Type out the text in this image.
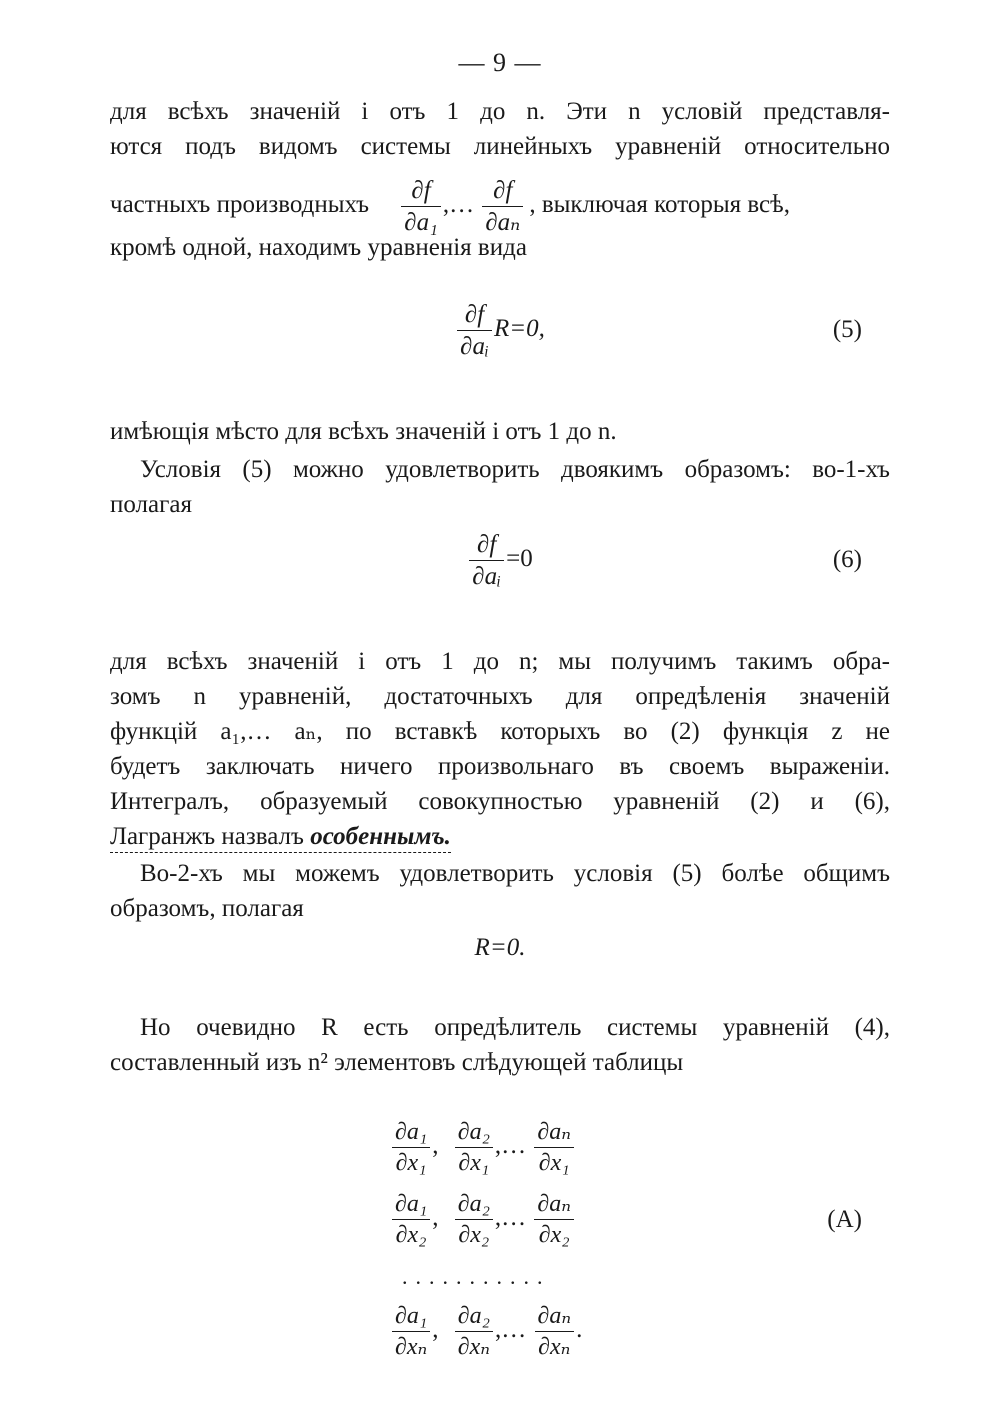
— 9 —
для всѣхъ значеній i отъ 1 до n. Эти n условій представля-
ются подъ видомъ системы линейныхъ уравненій относительно
частныхъ производныхъ $\frac{\partial f}{\text{∂a₁}}$ ,… $\frac{\partial f}{\text{∂aₙ}}$ , выключая которыя всѣ,
кромѣ одной, находимъ уравненія вида
$\frac{\partial f}{\text{∂aᵢ}} R=0$,	(5)
имѣющія мѣсто для всѣхъ значеній i отъ 1 до n.
Условія (5) можно удовлетворить двоякимъ образомъ: во-1-хъ
полагая
$\frac{\partial f}{\text{∂aᵢ}} =0$	(6)
для всѣхъ значеній i отъ 1 до n; мы получимъ такимъ обра-
зомъ n уравненій, достаточныхъ для опредѣленія значеній
функцій a₁,… aₙ, по вставкѣ которыхъ во (2) функція z не
будетъ заключать ничего произвольнаго въ своемъ выраженіи.
Интегралъ, образуемый совокупностью уравненій (2) и (6),
Лагранжъ назвалъ особеннымъ.
Во-2-хъ мы можемъ удовлетворить условія (5) болѣе общимъ
образомъ, полагая
R=0.
Но очевидно R есть опредѣлитель системы уравненій (4),
составленный изъ n² элементовъ слѣдующей таблицы
$\frac{\text{∂a₁}}{\text{∂x₁}}$ , $\frac{\text{∂a₂}}{\text{∂x₁}}$ ,… $\frac{\text{∂aₙ}}{\text{∂x₁}}$
$\frac{\text{∂a₁}}{\text{∂x₂}}$ , $\frac{\text{∂a₂}}{\text{∂x₂}}$ ,… $\frac{\text{∂aₙ}}{\text{∂x₂}}$
...........
$\frac{\text{∂a₁}}{\text{∂xₙ}}$ , $\frac{\text{∂a₂}}{\text{∂xₙ}}$ ,… $\frac{\text{∂aₙ}}{\text{∂xₙ}}$ .
(A)
